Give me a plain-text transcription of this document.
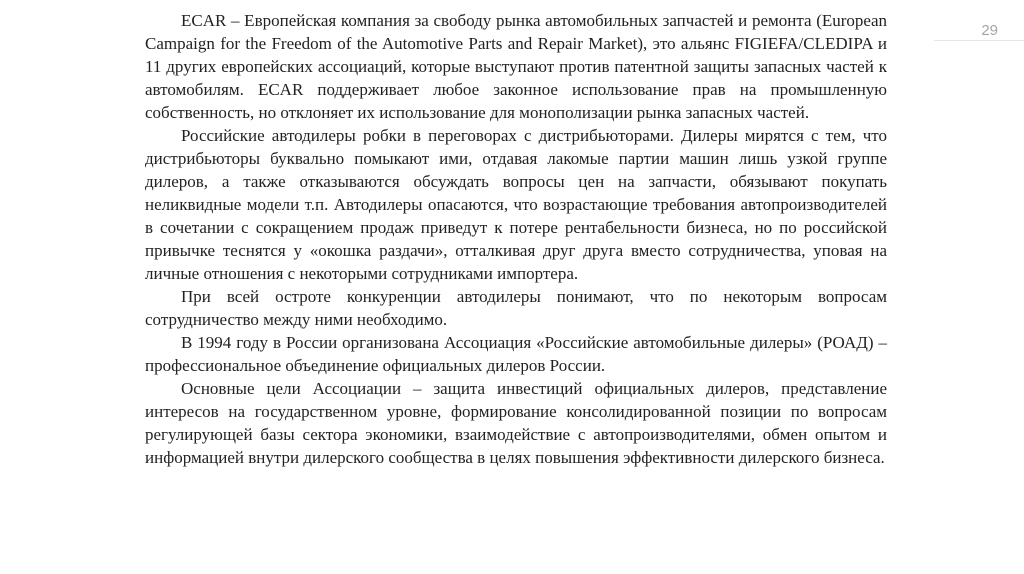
29

ECAR – Европейская компания за свободу рынка автомобильных запчастей и ремонта (European Campaign for the Freedom of the Automotive Parts and Repair Market), это альянс FIGIEFA/CLEDIPA и 11 других европейских ассоциаций, которые выступают против патентной защиты запасных частей к автомобилям. ECAR поддерживает любое законное использование прав на промышленную собственность, но отклоняет их использование для монополизации рынка запасных частей.

Российские автодилеры робки в переговорах с дистрибьюторами. Дилеры мирятся с тем, что дистрибьюторы буквально помыкают ими, отдавая лакомые партии машин лишь узкой группе дилеров, а также отказываются обсуждать вопросы цен на запчасти, обязывают покупать неликвидные модели т.п. Автодилеры опасаются, что возрастающие требования автопроизводителей в сочетании с сокращением продаж приведут к потере рентабельности бизнеса, но по российской привычке теснятся у «окошка раздачи», отталкивая друг друга вместо сотрудничества, уповая на личные отношения с некоторыми сотрудниками импортера.

При всей остроте конкуренции автодилеры понимают, что по некоторым вопросам сотрудничество между ними необходимо.

В 1994 году в России организована Ассоциация «Российские автомобильные дилеры» (РОАД) – профессиональное объединение официальных дилеров России.

Основные цели Ассоциации – защита инвестиций официальных дилеров, представление интересов на государственном уровне, формирование консолидированной позиции по вопросам регулирующей базы сектора экономики, взаимодействие с автопроизводителями, обмен опытом и информацией внутри дилерского сообщества в целях повышения эффективности дилерского бизнеса.
